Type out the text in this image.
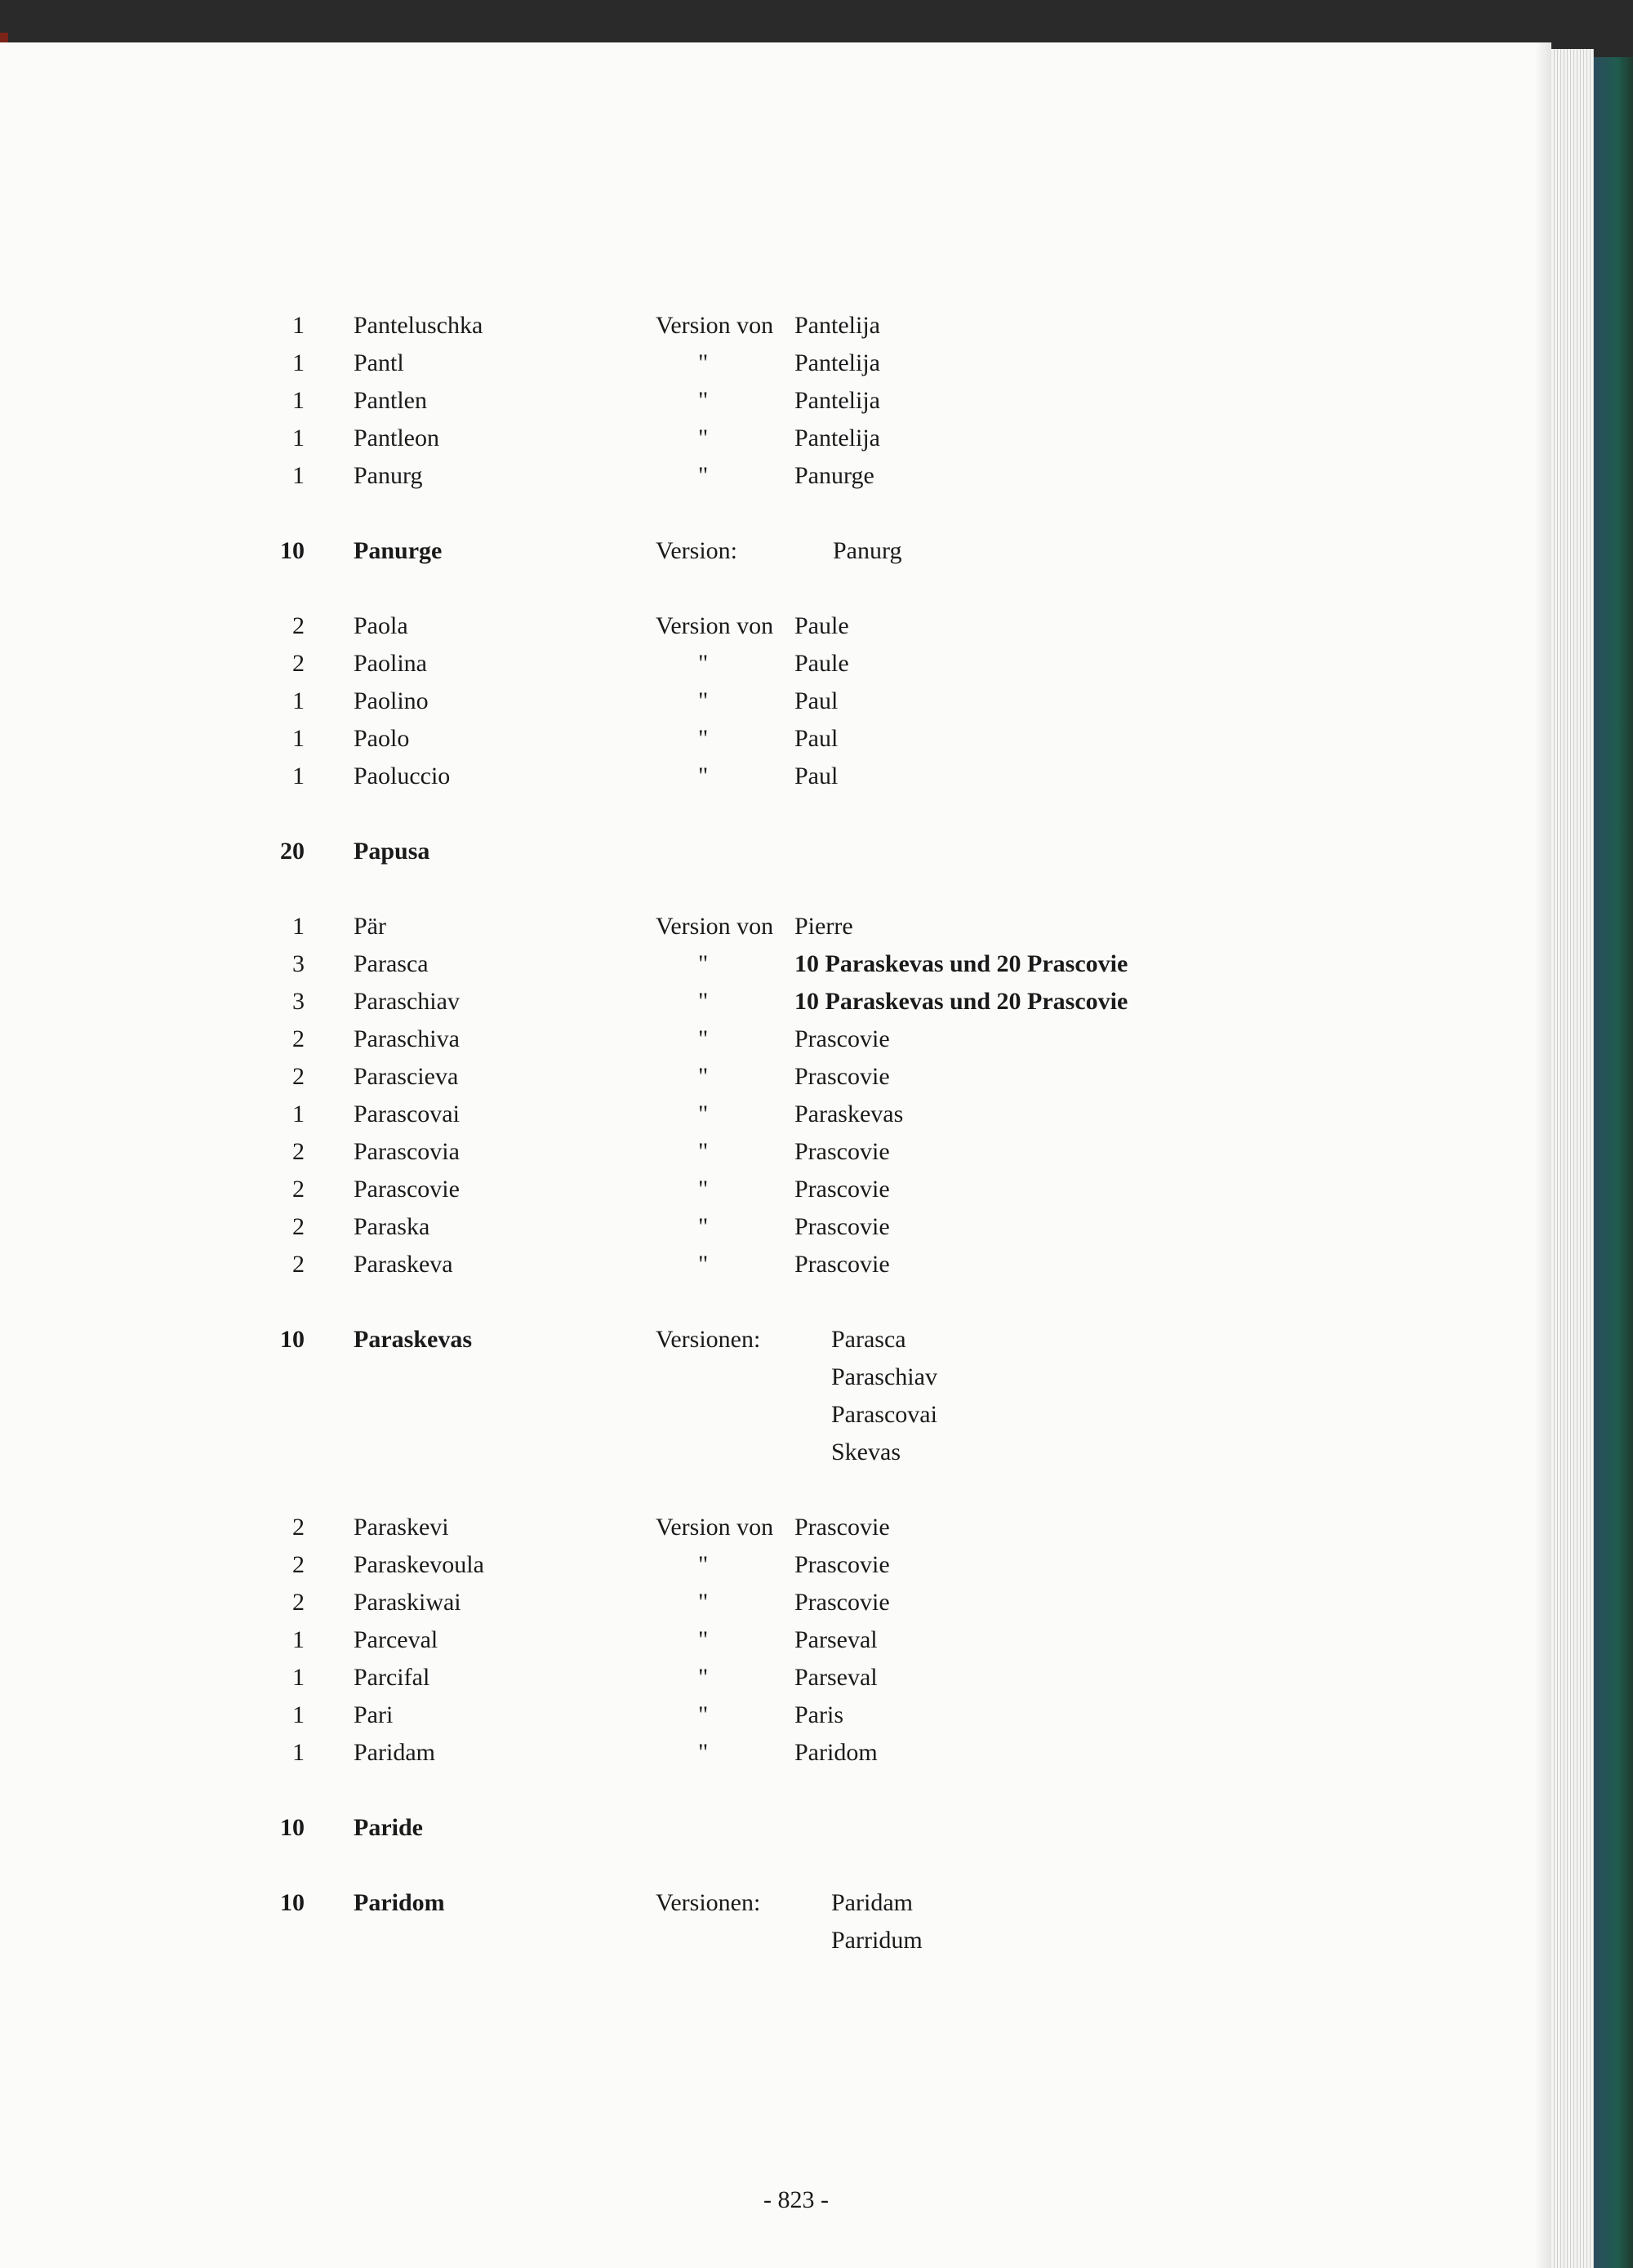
1 Panteluschka	Version von Pantelija
1 Pantl	"	Pantelija
1 Pantlen	"	Pantelija
1 Pantleon	"	Pantelija
1 Panurg	"	Panurge
10 Panurge	Version:	Panurg
2 Paola	Version von Paule
2 Paolina	"	Paule
1 Paolino	"	Paul
1 Paolo	"	Paul
1 Paoluccio	"	Paul
20 Papusa
1 Pär	Version von Pierre
3 Parasca	"	10 Paraskevas und 20 Prascovie
3 Paraschiav	"	10 Paraskevas und 20 Prascovie
2 Paraschiva	"	Prascovie
2 Parascieva	"	Prascovie
1 Parascovai	"	Paraskevas
2 Parascovia	"	Prascovie
2 Parascovie	"	Prascovie
2 Paraska	"	Prascovie
2 Paraskeva	"	Prascovie
10 Paraskevas	Versionen:	Parasca
Paraschiav
Parascovai
Skevas
2 Paraskevi	Version von Prascovie
2 Paraskevoula	"	Prascovie
2 Paraskiwai	"	Prascovie
1 Parceval	"	Parseval
1 Parcifal	"	Parseval
1 Pari	"	Paris
1 Paridam	"	Paridom
10 Paride
10 Paridom	Versionen:	Paridam
Parridum
- 823 -
